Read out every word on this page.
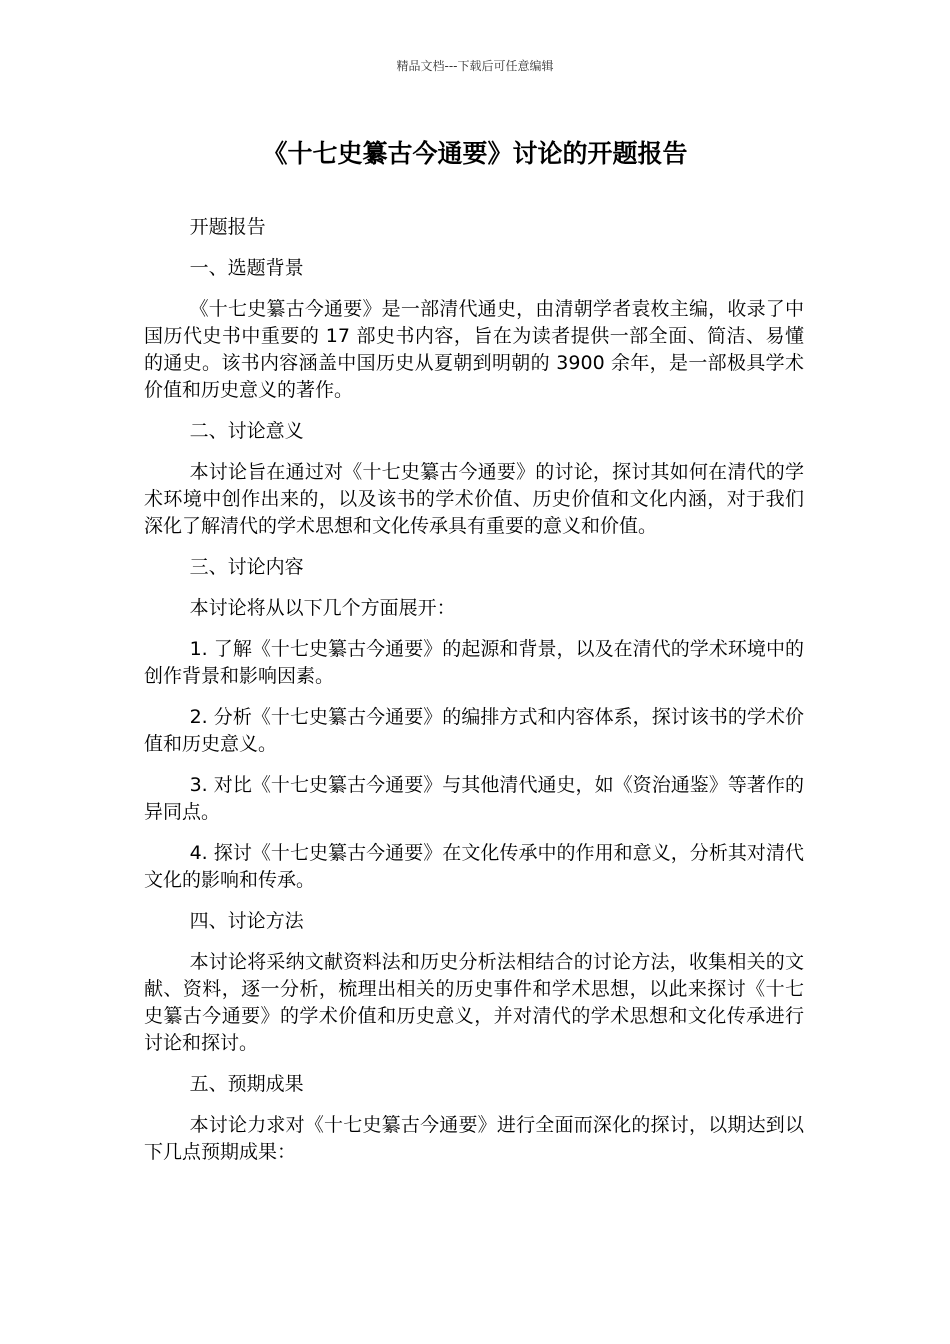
精品文档---下载后可任意编辑
《十七史纂古今通要》讨论的开题报告

开题报告

一、选题背景

《十七史纂古今通要》是一部清代通史，由清朝学者袁枚主编，收录了中国历代史书中重要的 17 部史书内容，旨在为读者提供一部全面、简洁、易懂的通史。该书内容涵盖中国历史从夏朝到明朝的 3900 余年，是一部极具学术价值和历史意义的著作。

二、讨论意义

本讨论旨在通过对《十七史纂古今通要》的讨论，探讨其如何在清代的学术环境中创作出来的，以及该书的学术价值、历史价值和文化内涵，对于我们深化了解清代的学术思想和文化传承具有重要的意义和价值。

三、讨论内容

本讨论将从以下几个方面展开：

1. 了解《十七史纂古今通要》的起源和背景，以及在清代的学术环境中的创作背景和影响因素。

2. 分析《十七史纂古今通要》的编排方式和内容体系，探讨该书的学术价值和历史意义。

3. 对比《十七史纂古今通要》与其他清代通史，如《资治通鉴》等著作的异同点。

4. 探讨《十七史纂古今通要》在文化传承中的作用和意义，分析其对清代文化的影响和传承。

四、讨论方法

本讨论将采纳文献资料法和历史分析法相结合的讨论方法，收集相关的文献、资料，逐一分析，梳理出相关的历史事件和学术思想，以此来探讨《十七史纂古今通要》的学术价值和历史意义，并对清代的学术思想和文化传承进行讨论和探讨。

五、预期成果

本讨论力求对《十七史纂古今通要》进行全面而深化的探讨，以期达到以下几点预期成果：
